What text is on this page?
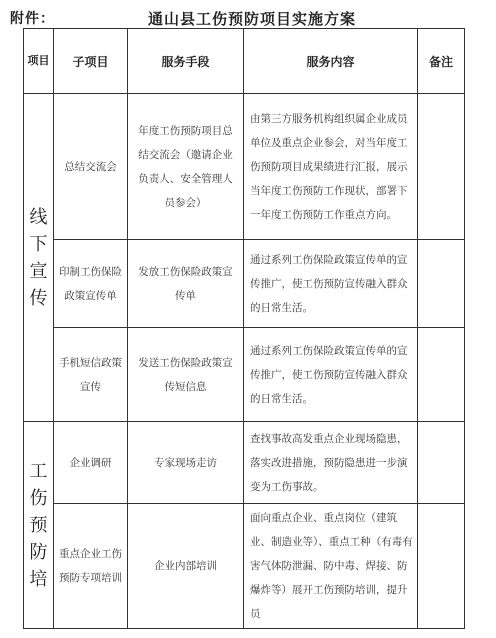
附件：	通山县工伤预防项目实施方案
项目	子项目	服务手段	服务内容	备注
线下宣传	总结交流会	年度工伤预防项目总结交流会（邀请企业负责人、安全管理人员参会）	由第三方服务机构组织属企业成员单位及重点企业参会，对当年度工伤预防项目成果绩进行汇报，展示当年度工伤预防工作现状，部署下一年度工伤预防工作重点方向。	
	印制工伤保险政策宣传单	发放工伤保险政策宣传单	通过系列工伤保险政策宣传单的宣传推广，使工伤预防宣传融入群众的日常生活。	
	手机短信政策宣传	发送工伤保险政策宣传短信息	通过系列工伤保险政策宣传单的宣传推广，使工伤预防宣传融入群众的日常生活。	
工伤预防培	企业调研	专家现场走访	查找事故高发重点企业现场隐患，落实改进措施，预防隐患进一步演变为工伤事故。	
	重点企业工伤预防专项培训	企业内部培训	面向重点企业、重点岗位（建筑业、制造业等）、重点工种（有毒有害气体防泄漏、防中毒、焊接、防爆炸等）展开工伤预防培训，提升员	
